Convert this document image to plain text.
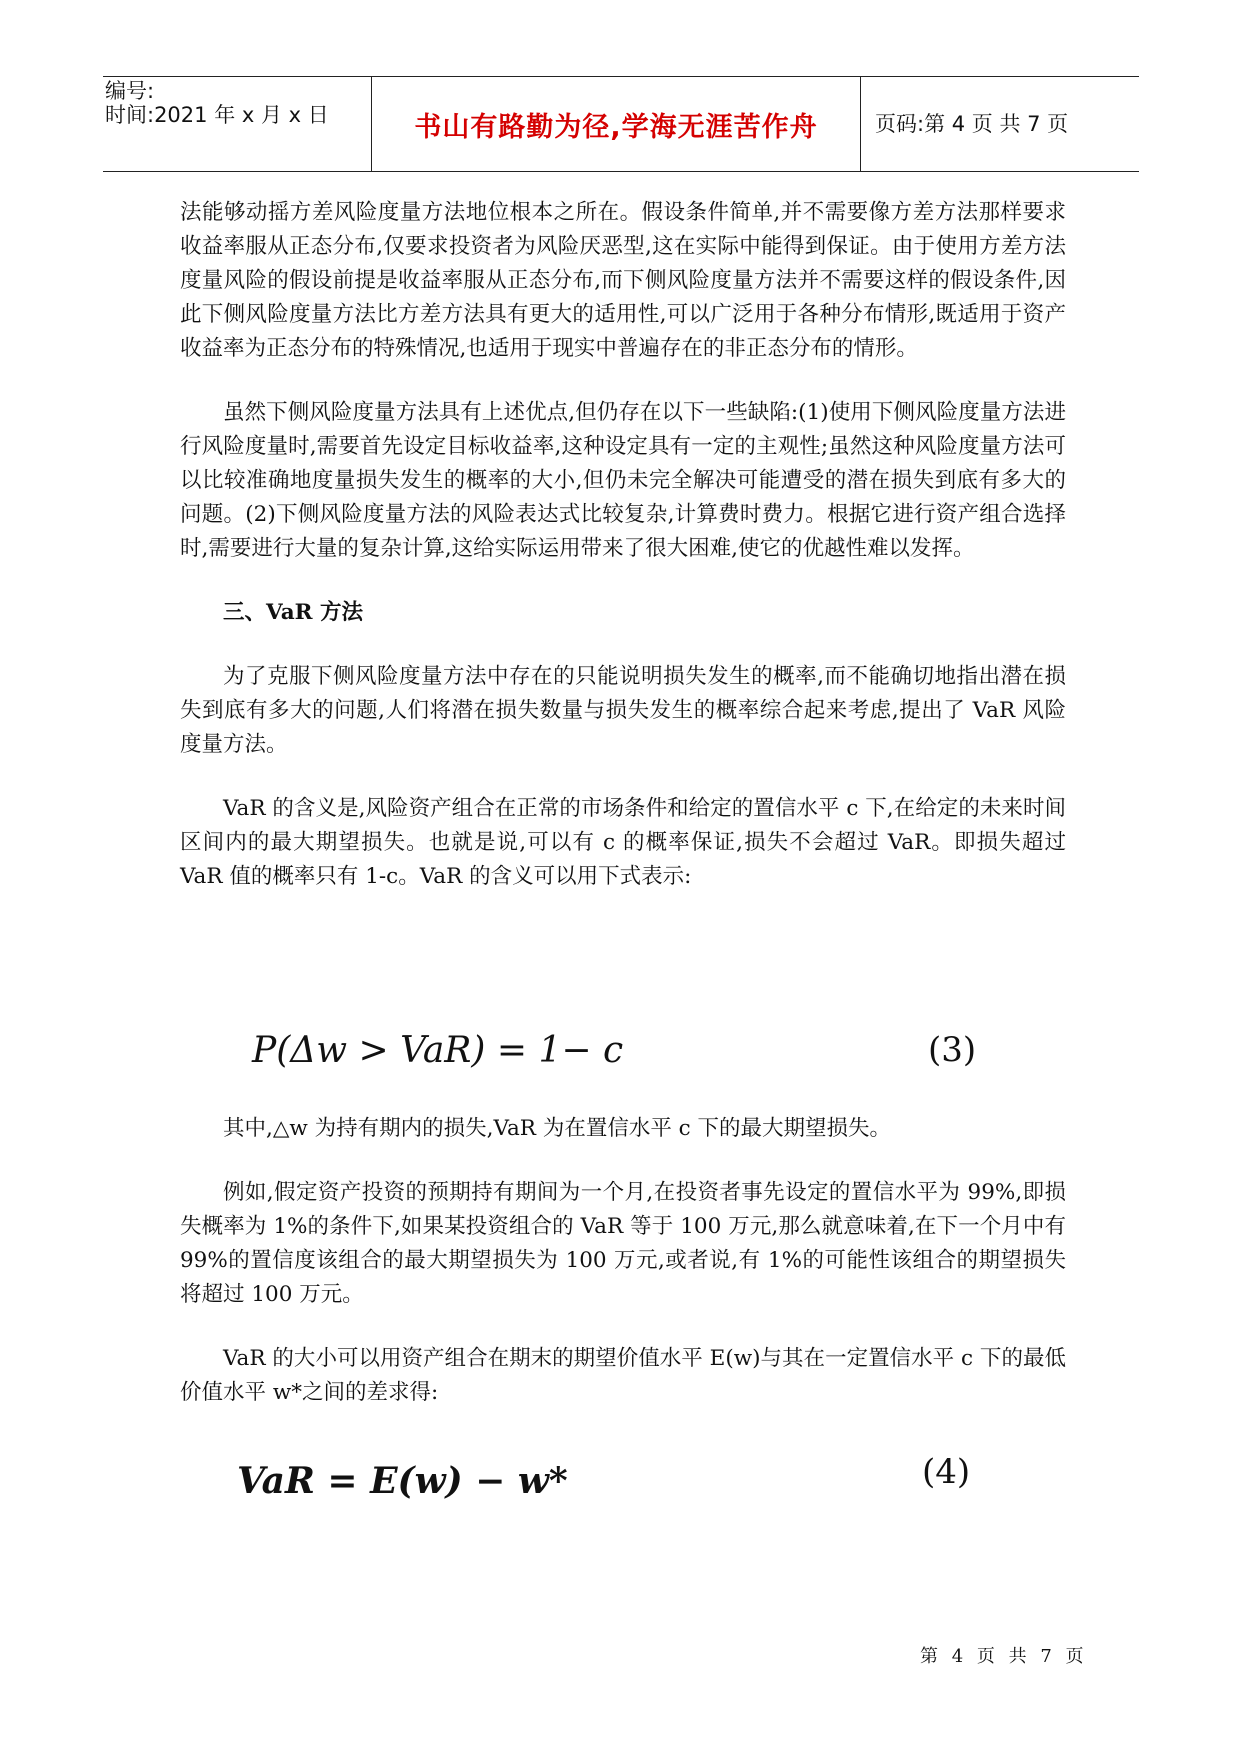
编号:
时间:2021 年 x 月 x 日	书山有路勤为径,学海无涯苦作舟	页码:第 4 页 共 7 页

法能够动摇方差风险度量方法地位根本之所在。假设条件简单,并不需要像方差方法那样要求收益率服从正态分布,仅要求投资者为风险厌恶型,这在实际中能得到保证。由于使用方差方法度量风险的假设前提是收益率服从正态分布,而下侧风险度量方法并不需要这样的假设条件,因此下侧风险度量方法比方差方法具有更大的适用性,可以广泛用于各种分布情形,既适用于资产收益率为正态分布的特殊情况,也适用于现实中普遍存在的非正态分布的情形。

虽然下侧风险度量方法具有上述优点,但仍存在以下一些缺陷:(1)使用下侧风险度量方法进行风险度量时,需要首先设定目标收益率,这种设定具有一定的主观性;虽然这种风险度量方法可以比较准确地度量损失发生的概率的大小,但仍未完全解决可能遭受的潜在损失到底有多大的问题。(2)下侧风险度量方法的风险表达式比较复杂,计算费时费力。根据它进行资产组合选择时,需要进行大量的复杂计算,这给实际运用带来了很大困难,使它的优越性难以发挥。

三、VaR 方法

为了克服下侧风险度量方法中存在的只能说明损失发生的概率,而不能确切地指出潜在损失到底有多大的问题,人们将潜在损失数量与损失发生的概率综合起来考虑,提出了 VaR 风险度量方法。

VaR 的含义是,风险资产组合在正常的市场条件和给定的置信水平 c 下,在给定的未来时间区间内的最大期望损失。也就是说,可以有 c 的概率保证,损失不会超过 VaR。即损失超过 VaR 值的概率只有 1-c。VaR 的含义可以用下式表示:

P(Δw > VaR) = 1− c	(3)

其中,△w 为持有期内的损失,VaR 为在置信水平 c 下的最大期望损失。

例如,假定资产投资的预期持有期间为一个月,在投资者事先设定的置信水平为 99%,即损失概率为 1%的条件下,如果某投资组合的 VaR 等于 100 万元,那么就意味着,在下一个月中有 99%的置信度该组合的最大期望损失为 100 万元,或者说,有 1%的可能性该组合的期望损失将超过 100 万元。

VaR 的大小可以用资产组合在期末的期望价值水平 E(w)与其在一定置信水平 c 下的最低价值水平 w*之间的差求得:

VaR = E(w) − w*	(4)
第 4 页 共 7 页
